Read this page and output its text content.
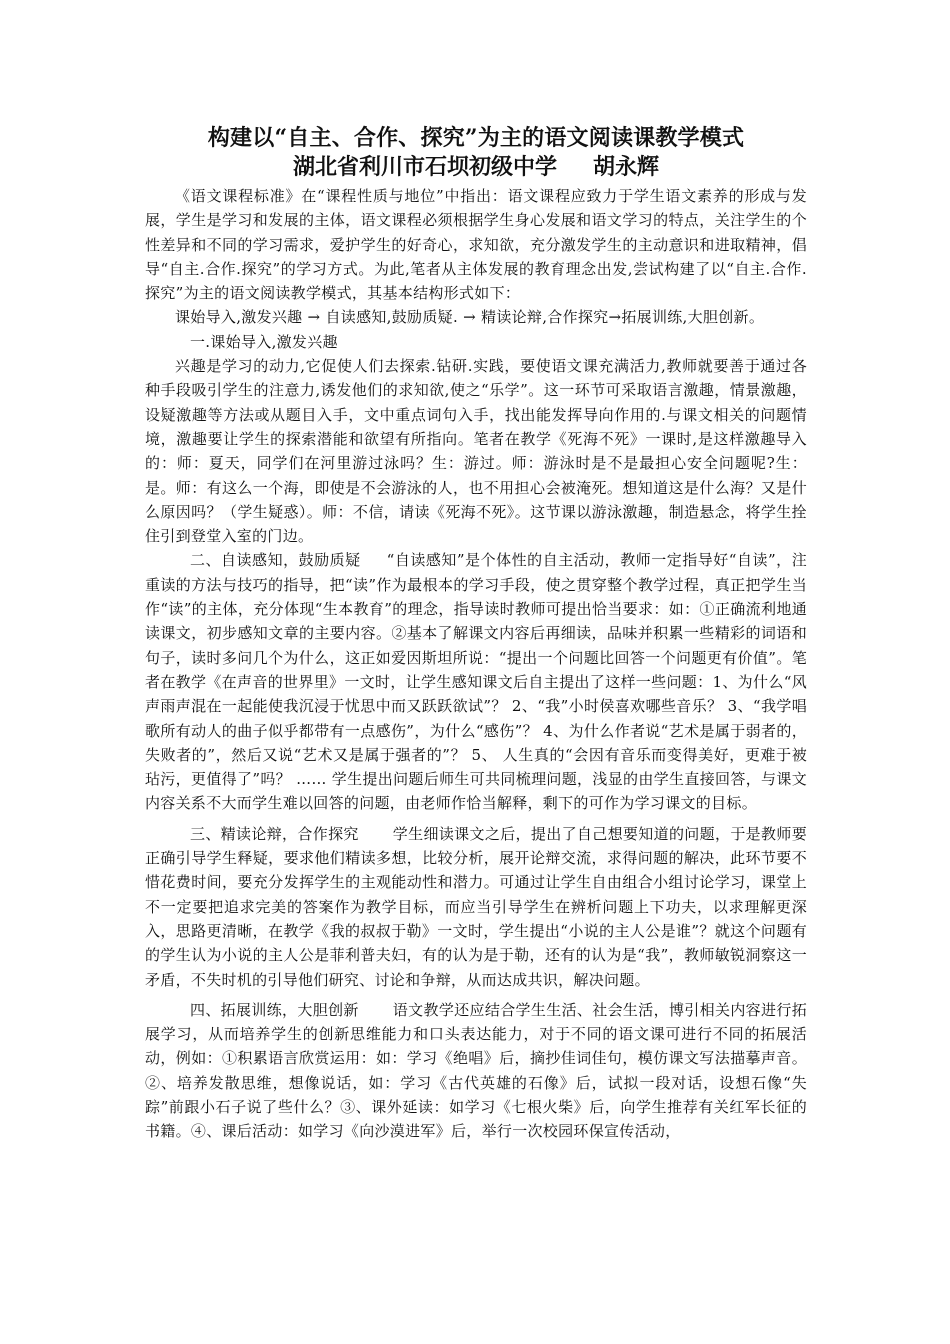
构建以“自主、合作、探究”为主的语文阅读课教学模式
湖北省利川市石坝初级中学 胡永辉

《语文课程标准》在“课程性质与地位”中指出：语文课程应致力于学生语文素养的形成与发展，学生是学习和发展的主体，语文课程必须根据学生身心发展和语文学习的特点，关注学生的个性差异和不同的学习需求，爱护学生的好奇心，求知欲，充分激发学生的主动意识和进取精神，倡导“自主.合作.探究”的学习方式。为此,笔者从主体发展的教育理念出发,尝试构建了以“自主.合作.探究”为主的语文阅读教学模式，其基本结构形式如下：

课始导入,激发兴趣 → 自读感知,鼓励质疑. → 精读论辩,合作探究→拓展训练,大胆创新。

一.课始导入,激发兴趣

兴趣是学习的动力,它促使人们去探索.钻研.实践，要使语文课充满活力,教师就要善于通过各种手段吸引学生的注意力,诱发他们的求知欲,使之“乐学”。这一环节可采取语言激趣，情景激趣，设疑激趣等方法或从题目入手，文中重点词句入手，找出能发挥导向作用的.与课文相关的问题情境，激趣要让学生的探索潜能和欲望有所指向。笔者在教学《死海不死》一课时,是这样激趣导入的：师：夏天，同学们在河里游过泳吗？生：游过。师：游泳时是不是最担心安全问题呢?生：是。师：有这么一个海，即使是不会游泳的人，也不用担心会被淹死。想知道这是什么海？又是什么原因吗？（学生疑惑）。师：不信，请读《死海不死》。这节课以游泳激趣，制造悬念，将学生拴住引到登堂入室的门边。

二、自读感知，鼓励质疑 “自读感知”是个体性的自主活动，教师一定指导好“自读”，注重读的方法与技巧的指导，把“读”作为最根本的学习手段，使之贯穿整个教学过程，真正把学生当作“读”的主体，充分体现“生本教育”的理念，指导读时教师可提出恰当要求：如：①正确流利地通读课文，初步感知文章的主要内容。②基本了解课文内容后再细读，品味并积累一些精彩的词语和句子，读时多问几个为什么，这正如爱因斯坦所说：“提出一个问题比回答一个问题更有价值”。笔者在教学《在声音的世界里》一文时，让学生感知课文后自主提出了这样一些问题：1、为什么“风声雨声混在一起能使我沉浸于忧思中而又跃跃欲试”？ 2、“我”小时侯喜欢哪些音乐？ 3、“我学唱歌所有动人的曲子似乎都带有一点感伤”，为什么“感伤”？ 4、为什么作者说“艺术是属于弱者的，失败者的”，然后又说“艺术又是属于强者的”？ 5、 人生真的“会因有音乐而变得美好，更难于被玷污，更值得了”吗？ …… 学生提出问题后师生可共同梳理问题，浅显的由学生直接回答，与课文内容关系不大而学生难以回答的问题，由老师作恰当解释，剩下的可作为学习课文的目标。

三、精读论辩，合作探究 学生细读课文之后，提出了自己想要知道的问题，于是教师要正确引导学生释疑，要求他们精读多想，比较分析，展开论辩交流，求得问题的解决，此环节要不惜花费时间，要充分发挥学生的主观能动性和潜力。可通过让学生自由组合小组讨论学习，课堂上不一定要把追求完美的答案作为教学目标，而应当引导学生在辨析问题上下功夫，以求理解更深入，思路更清晰，在教学《我的叔叔于勒》一文时，学生提出“小说的主人公是谁”？就这个问题有的学生认为小说的主人公是菲利普夫妇，有的认为是于勒，还有的认为是“我”，教师敏锐洞察这一矛盾，不失时机的引导他们研究、讨论和争辩，从而达成共识，解决问题。

四、拓展训练，大胆创新 语文教学还应结合学生生活、社会生活，博引相关内容进行拓展学习，从而培养学生的创新思维能力和口头表达能力，对于不同的语文课可进行不同的拓展活动，例如：①积累语言欣赏运用：如：学习《绝唱》后，摘抄佳词佳句，模仿课文写法描摹声音。②、培养发散思维，想像说话，如：学习《古代英雄的石像》后，试拟一段对话，设想石像“失踪”前跟小石子说了些什么？③、课外延读：如学习《七根火柴》后，向学生推荐有关红军长征的书籍。④、课后活动：如学习《向沙漠进军》后，举行一次校园环保宣传活动，
